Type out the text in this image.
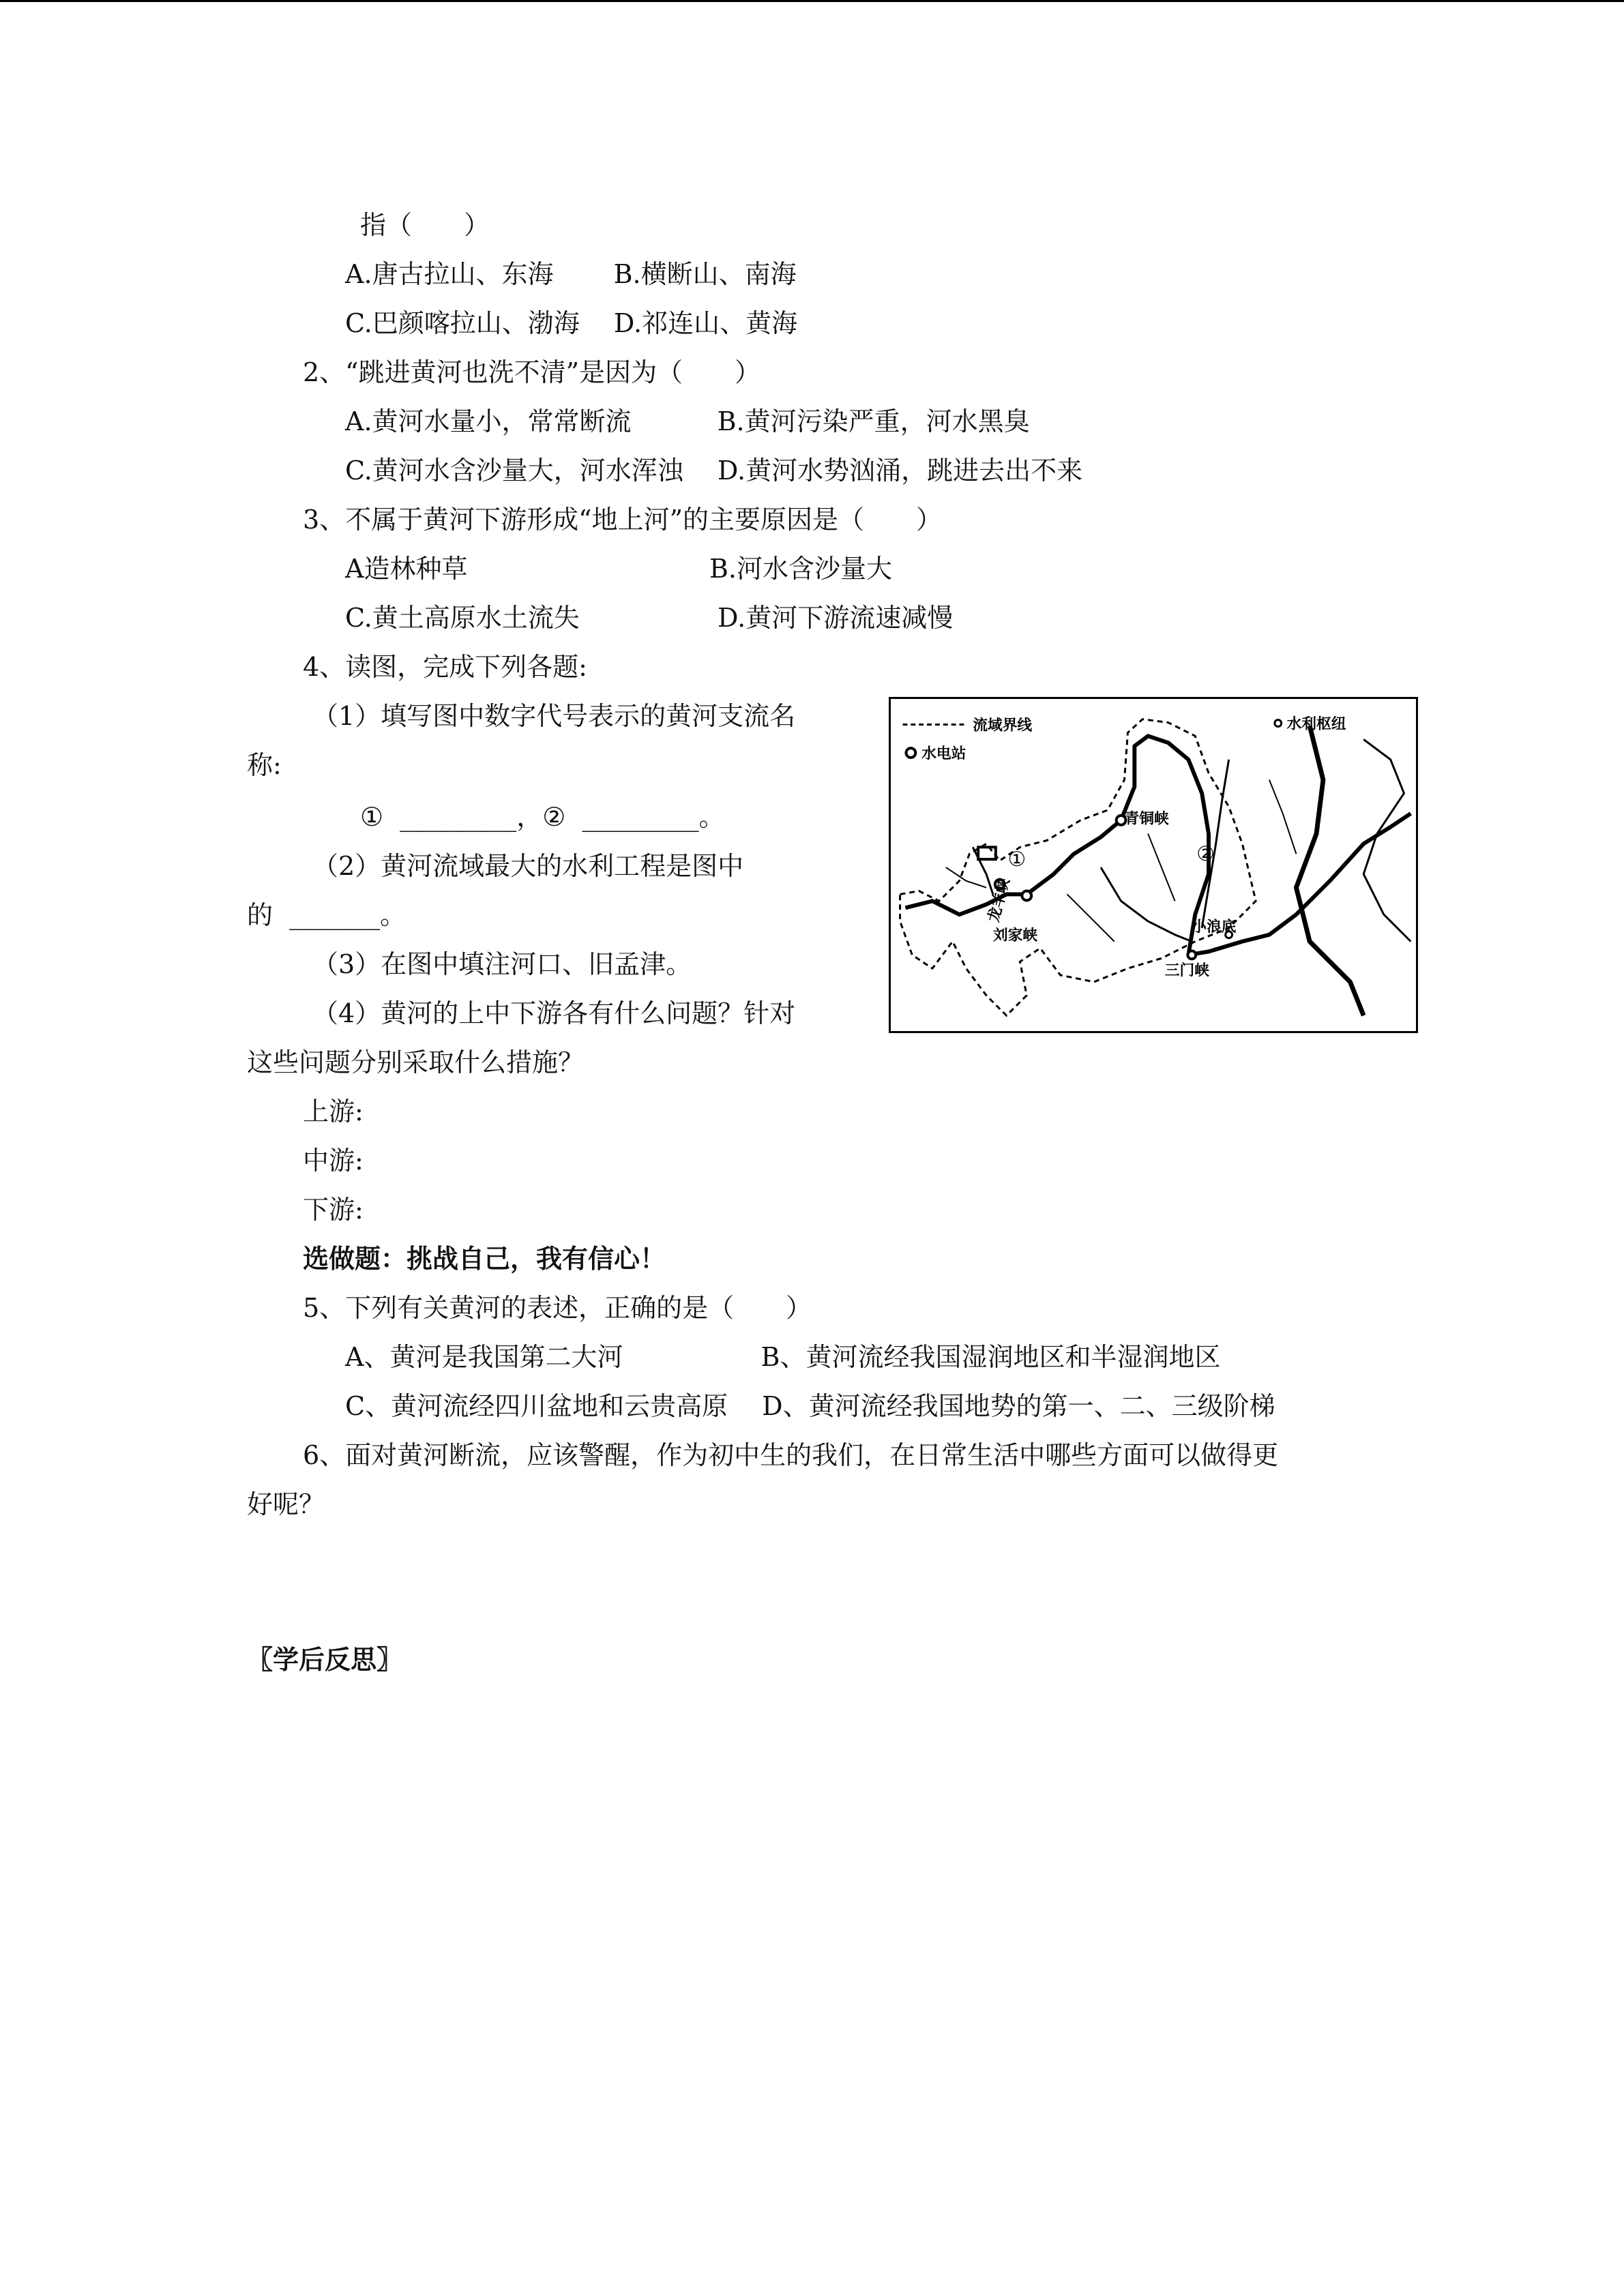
指（　　）
A.唐古拉山、东海　　 B.横断山、南海
C.巴颜喀拉山、渤海　 D.祁连山、黄海
2、“跳进黄河也洗不清”是因为（　　）
A.黄河水量小，常常断流　　　 B.黄河污染严重，河水黑臭
C.黄河水含沙量大，河水浑浊　 D.黄河水势汹涌，跳进去出不来
3、不属于黄河下游形成“地上河”的主要原因是（　　）
A造林种草	B.河水含沙量大
C.黄土高原水土流失	D.黄河下游流速减慢
4、读图，完成下列各题:
（1）填写图中数字代号表示的黄河支流名
称:
①  _________，②  _________。
（2）黄河流域最大的水利工程是图中
的  _______。
（3）在图中填注河口、旧孟津。
（4）黄河的上中下游各有什么问题？针对
这些问题分别采取什么措施？
上游:
中游:
下游:
流域界线
水电站
水利枢纽
青铜峡
龙羊峡
刘家峡
小浪底
三门峡
①	②
选做题：挑战自己，我有信心！
5、下列有关黄河的表述，正确的是（　　）
A、黄河是我国第二大河　　　　　 B、黄河流经我国湿润地区和半湿润地区
C、黄河流经四川盆地和云贵高原　 D、黄河流经我国地势的第一、二、三级阶梯
6、面对黄河断流，应该警醒，作为初中生的我们，在日常生活中哪些方面可以做得更
好呢？
〖学后反思〗
